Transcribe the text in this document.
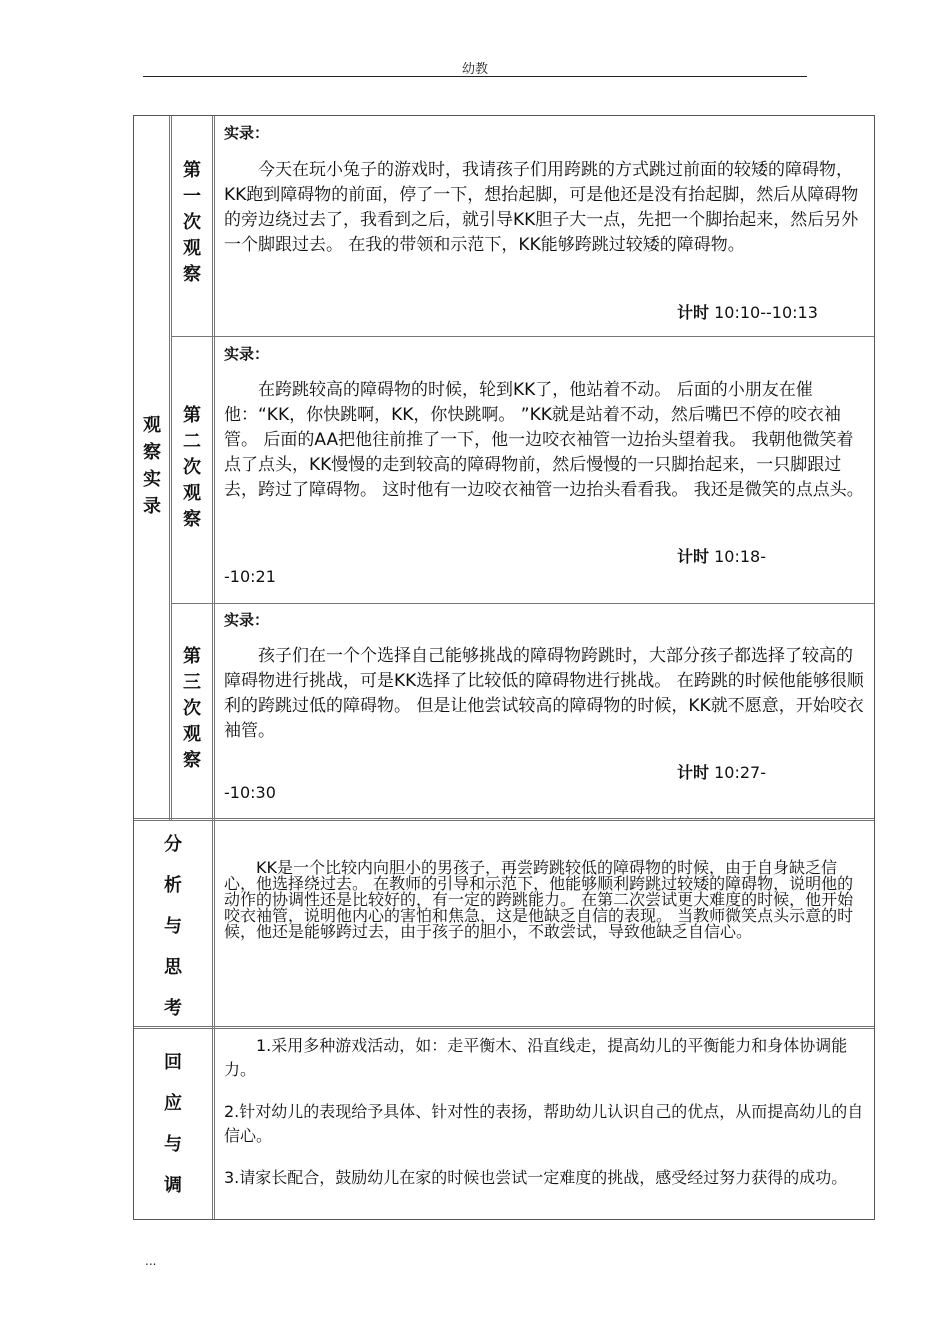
幼教
观
察
实
录
第
一
次
观
察
实录：

今天在玩小兔子的游戏时，我请孩子们用跨跳的方式跳过前面的较矮的障碍物，KK跑到障碍物的前面，停了一下，想抬起脚，可是他还是没有抬起脚，然后从障碍物的旁边绕过去了，我看到之后，就引导KK胆子大一点，先把一个脚抬起来，然后另外一个脚跟过去。 在我的带领和示范下，KK能够跨跳过较矮的障碍物。

计时 10:10--10:13
第
二
次
观
察
实录：

在跨跳较高的障碍物的时候，轮到KK了，他站着不动。 后面的小朋友在催他：“KK，你快跳啊，KK，你快跳啊。 ”KK就是站着不动，然后嘴巴不停的咬衣袖管。 后面的AA把他往前推了一下，他一边咬衣袖管一边抬头望着我。 我朝他微笑着点了点头，KK慢慢的走到较高的障碍物前，然后慢慢的一只脚抬起来，一只脚跟过去，跨过了障碍物。 这时他有一边咬衣袖管一边抬头看看我。 我还是微笑的点点头。

计时 10:18-
-10:21
第
三
次
观
察
实录：

孩子们在一个个选择自己能够挑战的障碍物跨跳时，大部分孩子都选择了较高的障碍物进行挑战，可是KK选择了比较低的障碍物进行挑战。 在跨跳的时候他能够很顺利的跨跳过低的障碍物。 但是让他尝试较高的障碍物的时候，KK就不愿意，开始咬衣袖管。

计时 10:27-
-10:30
分
析
与
思
考

KK是一个比较内向胆小的男孩子，再尝跨跳较低的障碍物的时候，由于自身缺乏信心，他选择绕过去。 在教师的引导和示范下，他能够顺利跨跳过较矮的障碍物，说明他的动作的协调性还是比较好的，有一定的跨跳能力。 在第二次尝试更大难度的时候，他开始咬衣袖管，说明他内心的害怕和焦急，这是他缺乏自信的表现。 当教师微笑点头示意的时候，他还是能够跨过去，由于孩子的胆小，不敢尝试，导致他缺乏自信心。

回
应
与
调

1.采用多种游戏活动，如：走平衡木、沿直线走，提高幼儿的平衡能力和身体协调能力。

2.针对幼儿的表现给予具体、针对性的表扬，帮助幼儿认识自己的优点，从而提高幼儿的自信心。

3.请家长配合，鼓励幼儿在家的时候也尝试一定难度的挑战，感受经过努力获得的成功。

...
